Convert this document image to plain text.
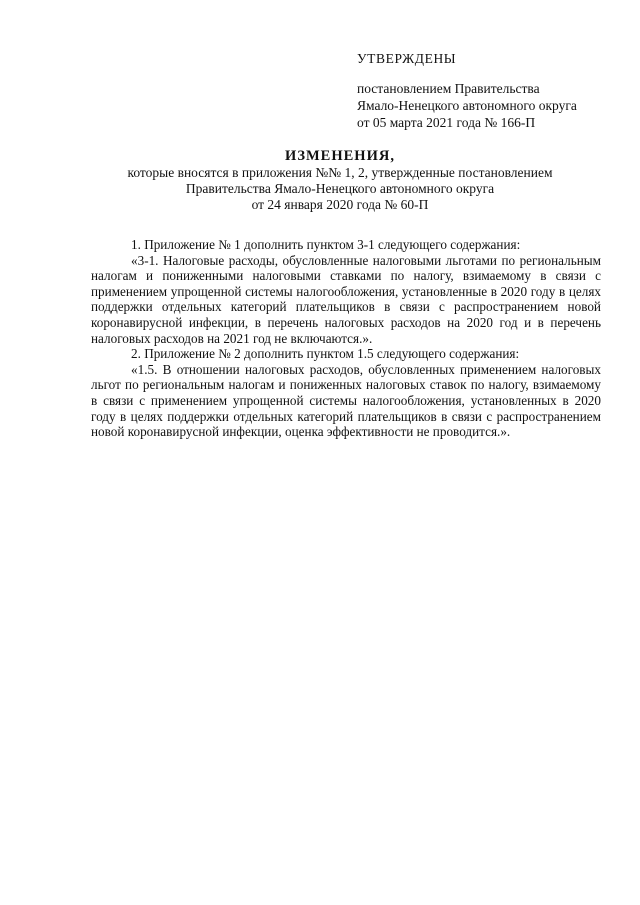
УТВЕРЖДЕНЫ
постановлением Правительства
Ямало-Ненецкого автономного округа
от 05 марта 2021 года № 166-П
ИЗМЕНЕНИЯ,
которые вносятся в приложения №№ 1, 2, утвержденные постановлением
Правительства Ямало-Ненецкого автономного округа
от 24 января 2020 года № 60-П

1. Приложение № 1 дополнить пунктом 3-1 следующего содержания:

«3-1. Налоговые расходы, обусловленные налоговыми льготами по региональным налогам и пониженными налоговыми ставками по налогу, взимаемому в связи с применением упрощенной системы налогообложения, установленные в 2020 году в целях поддержки отдельных категорий плательщиков в связи с распространением новой коронавирусной инфекции, в перечень налоговых расходов на 2020 год и в перечень налоговых расходов на 2021 год не включаются.».

2. Приложение № 2 дополнить пунктом 1.5 следующего содержания:

«1.5. В отношении налоговых расходов, обусловленных применением налоговых льгот по региональным налогам и пониженных налоговых ставок по налогу, взимаемому в связи с применением упрощенной системы налогообложения, установленных в 2020 году в целях поддержки отдельных категорий плательщиков в связи с распространением новой коронавирусной инфекции, оценка эффективности не проводится.».
